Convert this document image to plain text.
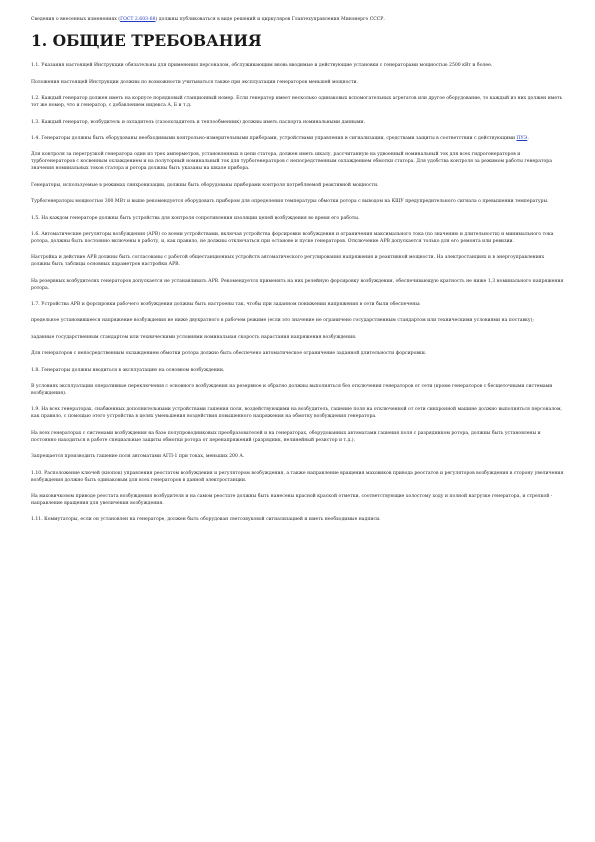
Сведения о внесенных изменениях (ГОСТ 2.603-68) должны публиковаться в виде решений и циркуляров Главтехуправления Минэнерго СССР.

1. ОБЩИЕ ТРЕБОВАНИЯ

1.1. Указания настоящей Инструкции обязательны для применения персоналом, обслуживающим вновь вводимые и действующие установки с генераторами мощностью 2500 кВт и более.

Положения настоящей Инструкции должны по возможности учитываться также при эксплуатации генераторов меньшей мощности.

1.2. Каждый генератор должен иметь на корпусе порядковый станционный номер. Если генератор имеет несколько одинаковых вспомогательных агрегатов или другое оборудование, то каждый из них должен иметь тот же номер, что и генератор, с добавлением индекса А, Б и т.д.

1.3. Каждый генератор, возбудитель и охладитель (газоохладитель и теплообменник) должны иметь паспорта номинальными данными.

1.4. Генераторы должны быть оборудованы необходимыми контрольно-измерительными приборами, устройствами управления и сигнализации, средствами защиты в соответствии с действующими ПУЭ.

Для контроля за перегрузкой генератора один из трех амперметров, установленных в цепи статора, должен иметь шкалу, рассчитанную на удвоенный номинальный ток для всех гидрогенераторов и турбогенераторов с косвенным охлаждением и на полуторный номинальный ток для турбогенераторов с непосредственным охлаждением обмотки статора. Для удобства контроля за режимом работы генератора значения номинальных токов статора и ротора должны быть указаны на шкале прибора.

Генераторы, используемые в режимах синхронизации, должны быть оборудованы приборами контроля потребляемой реактивной мощности.

Турбогенераторы мощностью 300 МВт и выше рекомендуется оборудовать прибором для определения температуры обмотки ротора с выводом на КЩУ предупредительного сигнала о превышении температуры.

1.5. На каждом генераторе должны быть устройства для контроля сопротивления изоляции цепей возбуждения во время его работы.

1.6. Автоматические регуляторы возбуждения (АРВ) со всеми устройствами, включая устройства форсировки возбуждения и ограничения максимального тока (по значению и длительности) и минимального тока ротора, должны быть постоянно включены в работу, и, как правило, не должны отключаться при останове и пуске генераторов. Отключение АРВ допускается только для его ремонта или ревизии.

Настройка и действие АРВ должны быть согласованы с работой общестанционных устройств автоматического регулирования напряжения и реактивной мощности. На электростанциях и в энергоуправлениях должны быть таблицы основных параметров настройки АРВ.

На резервных возбудителях генераторов допускается не устанавливать АРВ. Рекомендуется применять на них релейную форсировку возбуждения, обеспечивающую кратность не ниже 1,3 номинального напряжения ротора.

1.7. Устройства АРВ и форсировки рабочего возбуждения должны быть настроены так, чтобы при заданном понижении напряжения в сети были обеспечены:

предельное установившееся напряжение возбуждения не ниже двукратного в рабочем режиме (если это значение не ограничено государственным стандартом или техническими условиями на поставку);

заданные государственным стандартом или техническими условиями номинальная скорость нарастания напряжения возбуждения.

Для генераторов с непосредственным охлаждением обмотки ротора должно быть обеспечено автоматическое ограничение заданной длительности форсировки.

1.8. Генераторы должны вводиться в эксплуатацию на основном возбуждении.

В условиях эксплуатации оперативные переключения с основного возбуждения на резервное и обратно должны выполняться без отключения генераторов от сети (кроме генераторов с бесщеточными системами возбуждения).

1.9. На всех генераторах, снабженных дополнительными устройствами гашения поля, воздействующими на возбудитель, гашение поля на отключенной от сети синхронной машине должно выполняться персоналом, как правило, с помощью этого устройства в целях уменьшения воздействия повышенного напряжения на обмотку возбуждения генератора.

На всех генераторах с системами возбуждения на базе полупроводниковых преобразователей и на генераторах, оборудованных автоматами гашения поля с разрядником ротора, должны быть установлены и постоянно находиться в работе специальные защиты обмотки ротора от перенапряжений (разрядник, нелинейный резистор и т.д.).

Запрещается производить гашение поля автоматами АГП-1 при токах, меньших 200 А.

1.10. Расположение ключей (кнопок) управления реостатом возбуждения и регулятором возбуждения, а также направление вращения маховиков привода реостатов и регуляторов возбуждения в сторону увеличения возбуждения должно быть одинаковым для всех генераторов в данной электростанции.

На маховичковом приводе реостата возбуждения возбудителя и на самом реостате должны быть нанесены красной краской отметки, соответствующие холостому ходу и полной нагрузке генератора, и стрелкой - направление вращения для увеличения возбуждения.

1.11. Коммутаторы, если он установлен на генераторе, должен быть оборудован светозвуковой сигнализацией и иметь необходимые надписи.
